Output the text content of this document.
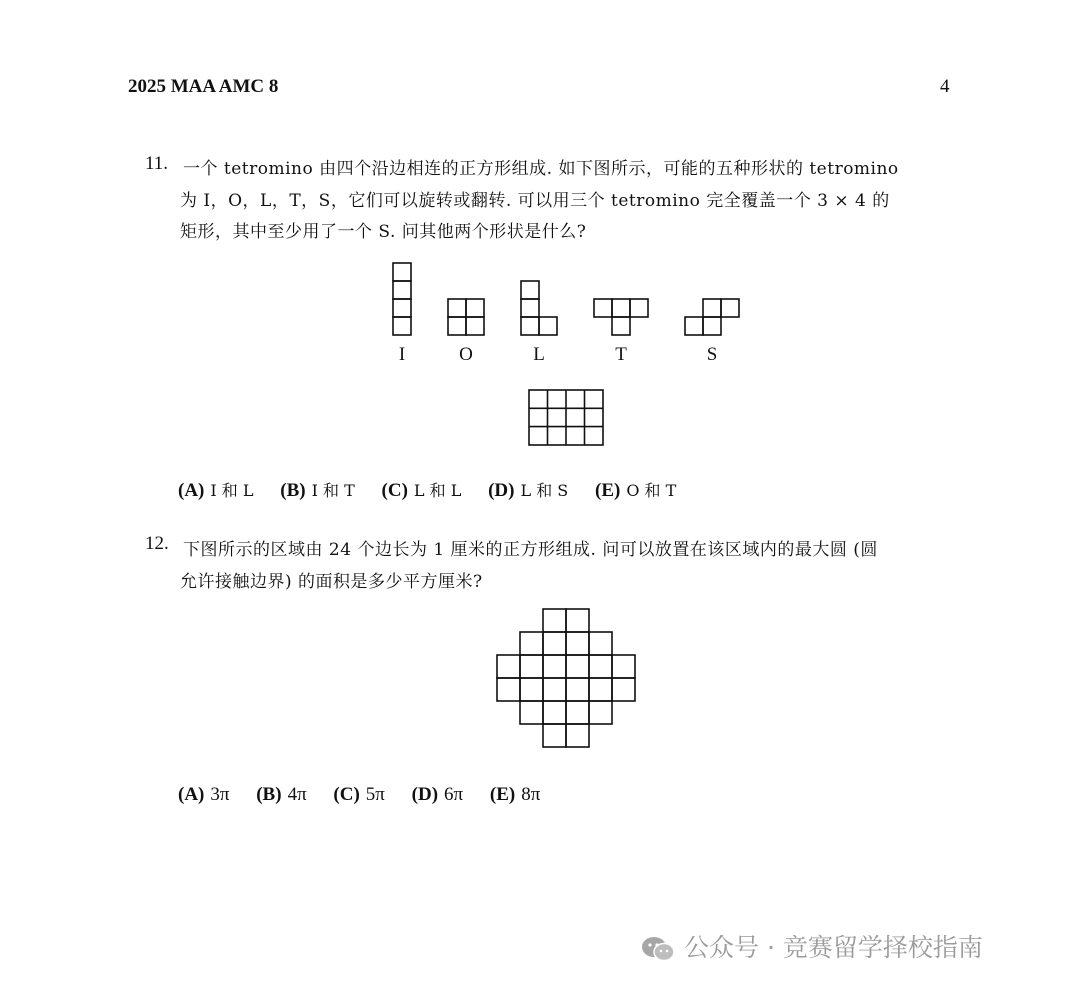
2025 MAA AMC 8	4
11. 一个 tetromino 由四个沿边相连的正方形组成. 如下图所示，可能的五种形状的 tetromino
为 I，O，L，T，S，它们可以旋转或翻转. 可以用三个 tetromino 完全覆盖一个 3 × 4 的
矩形，其中至少用了一个 S. 问其他两个形状是什么?
I	O	L	T	S
(A) I 和 L (B) I 和 T (C) L 和 L (D) L 和 S (E) O 和 T
12. 下图所示的区域由 24 个边长为 1 厘米的正方形组成. 问可以放置在该区域内的最大圆 (圆
允许接触边界) 的面积是多少平方厘米?
(A) 3π (B) 4π (C) 5π (D) 6π (E) 8π
公众号 · 竞赛留学择校指南
